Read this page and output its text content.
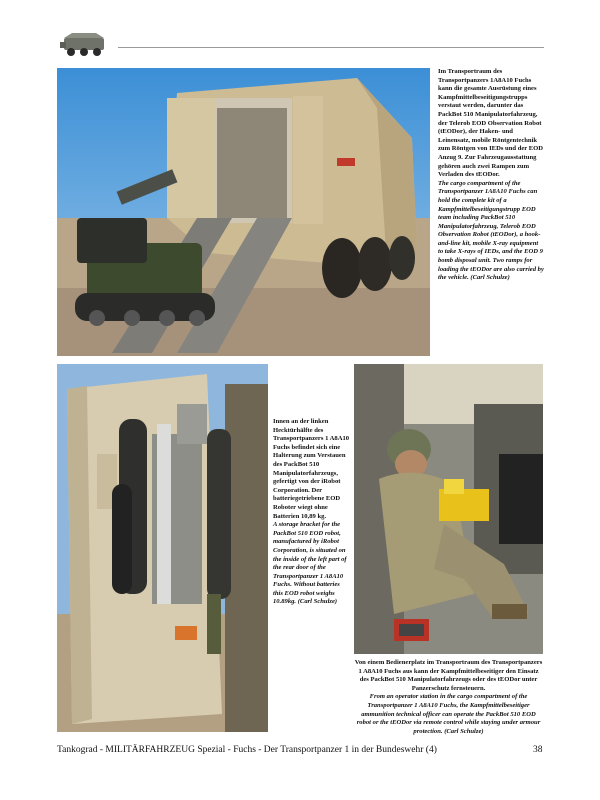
Im Transportraum des Transportpanzers 1A8A10 Fuchs kann die gesamte Ausrüstung eines Kampfmittelbeseitigungstrupps verstaut werden, darunter das PackBot 510 Manipulatorfahrzeug, der Telerob EOD Observation Robot (tEODor), der Haken- und Leinensatz, mobile Röntgentechnik zum Röntgen von IEDs und der EOD Anzug 9. Zur Fahrzeugausstattung gehören auch zwei Rampen zum Verladen des tEODor.

The cargo compartment of the Transportpanzer 1A8A10 Fuchs can hold the complete kit of a Kampfmittelbeseitigungstrupp EOD team including PackBot 510 Manipulatorfahrzeug, Telerob EOD Observation Robot (tEODor), a hook-and-line kit, mobile X-ray equipment to take X-rays of IEDs, and the EOD 9 bomb disposal unit. Two ramps for loading the tEODor are also carried by the vehicle. (Carl Schulze)

Innen an der linken Hecktürhälfte des Transportpanzers 1 A8A10 Fuchs befindet sich eine Halterung zum Verstauen des PackBot 510 Manipulatorfahrzeugs, gefertigt von der iRobot Corporation. Der batteriegetriebene EOD Roboter wiegt ohne Batterien 10,89 kg.

A storage bracket for the PackBot 510 EOD robot, manufactured by iRobot Corporation, is situated on the inside of the left part of the rear door of the Transportpanzer 1 A8A10 Fuchs. Without batteries this EOD robot weighs 10.89kg. (Carl Schulze)

Von einem Bedienerplatz im Transportraum des Transportpanzers 1 A8A10 Fuchs aus kann der Kampfmittelbeseitiger den Einsatz des PackBot 510 Manipulatorfahrzeugs oder des tEODor unter Panzerschutz fernsteuern.

From an operator station in the cargo compartment of the Transportpanzer 1 A8A10 Fuchs, the Kampfmittelbeseitiger ammunition technical officer can operate the PackBot 510 EOD robot or the tEODor via remote control while staying under armour protection. (Carl Schulze)

Tankograd - MILITÄRFAHRZEUG Spezial - Fuchs - Der Transportpanzer 1 in der Bundeswehr (4)	38
